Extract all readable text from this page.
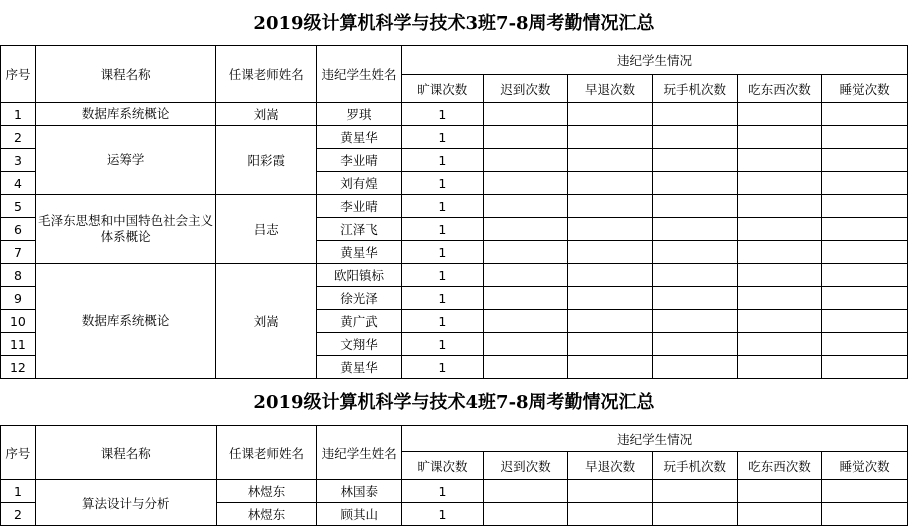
2019级计算机科学与技术3班7-8周考勤情况汇总
序号	课程名称	任课老师姓名	违纪学生姓名	违纪学生情况					
				旷课次数	迟到次数	早退次数	玩手机次数	吃东西次数	睡觉次数
1	数据库系统概论	刘嵩	罗琪	1					
2	运筹学	阳彩霞	黄星华	1					
3			李业晴	1					
4			刘有煌	1					
5	毛泽东思想和中国特色社会主义体系概论	吕志	李业晴	1					
6			江泽飞	1					
7			黄星华	1					
8	数据库系统概论	刘嵩	欧阳镇标	1					
9			徐光泽	1					
10			黄广武	1					
11			文翔华	1					
12			黄星华	1					
2019级计算机科学与技术4班7-8周考勤情况汇总
序号	课程名称	任课老师姓名	违纪学生姓名	违纪学生情况					
				旷课次数	迟到次数	早退次数	玩手机次数	吃东西次数	睡觉次数
1	算法设计与分析	林煜东	林国泰	1					
2		林煜东	顾其山	1					
